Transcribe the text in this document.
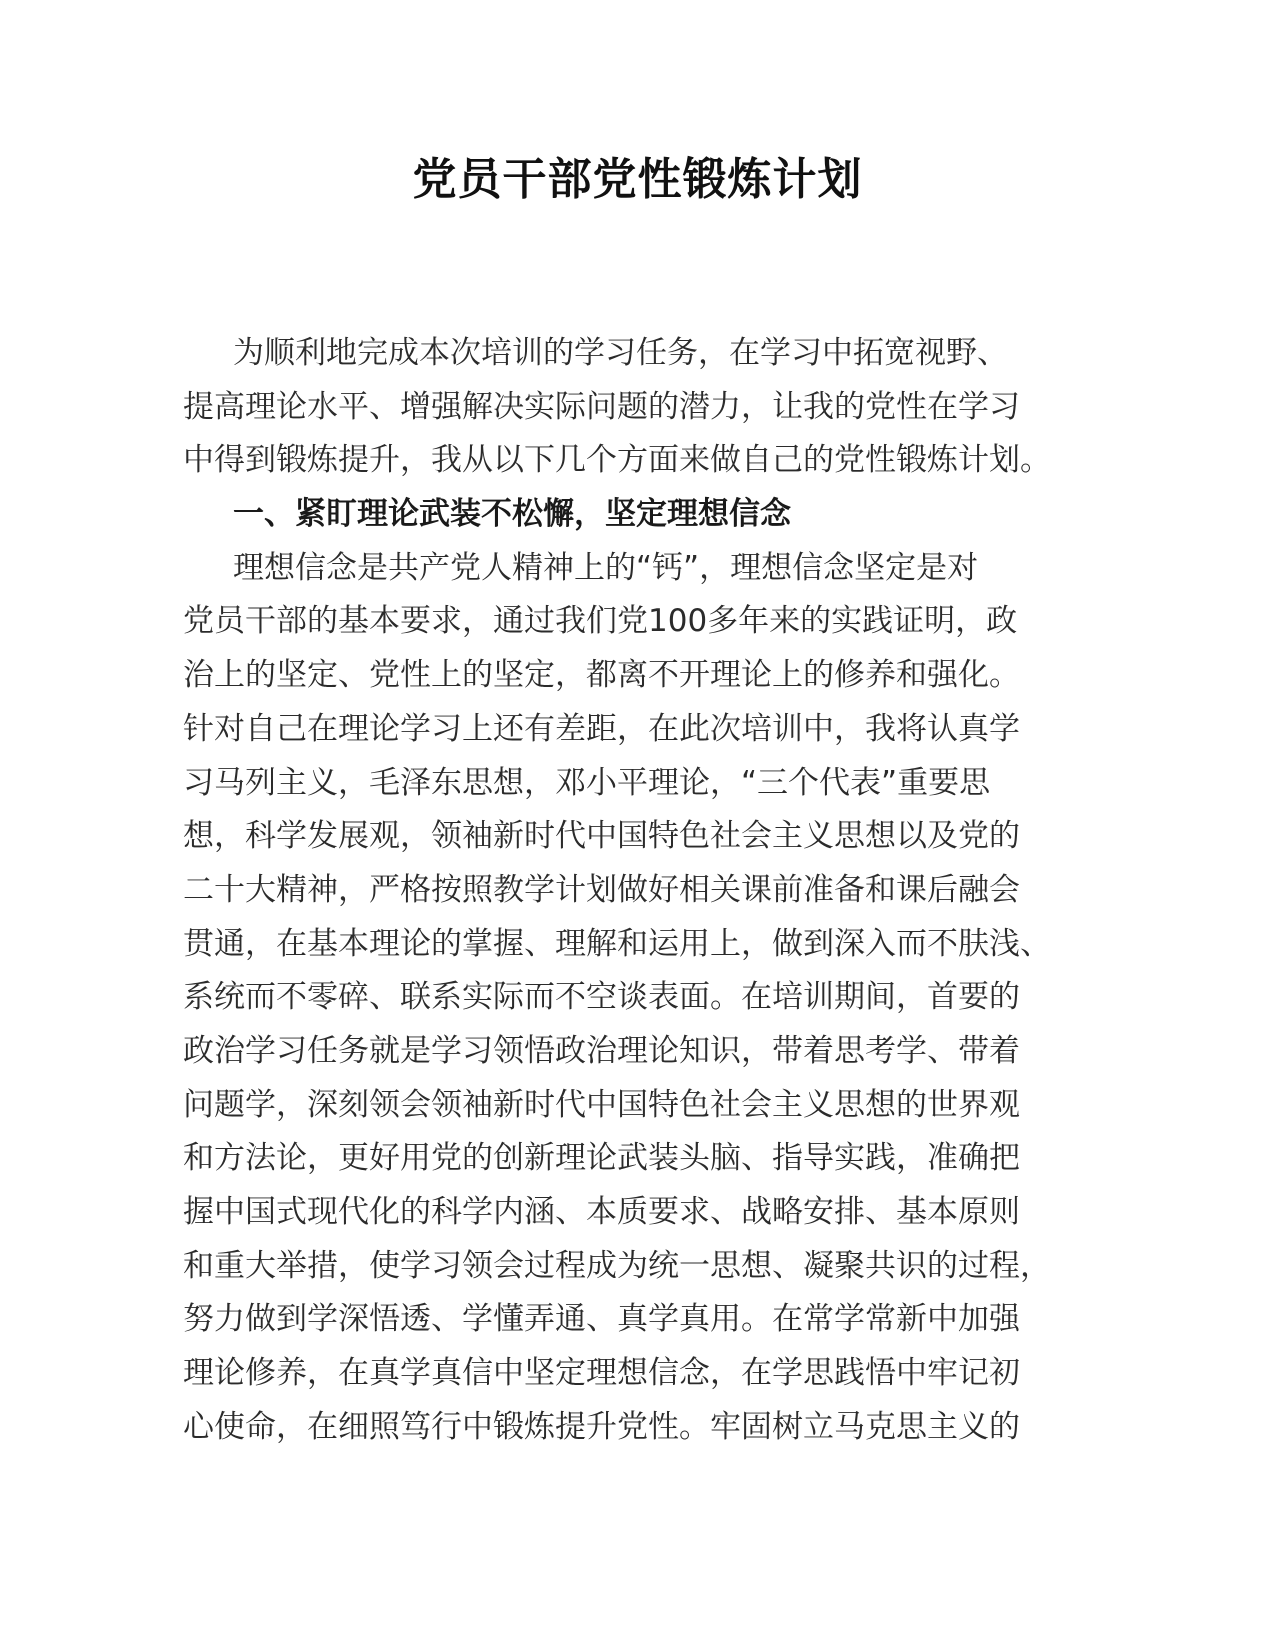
党员干部党性锻炼计划
为顺利地完成本次培训的学习任务，在学习中拓宽视野、
提高理论水平、增强解决实际问题的潜力，让我的党性在学习
中得到锻炼提升，我从以下几个方面来做自己的党性锻炼计划。
一、紧盯理论武装不松懈，坚定理想信念
理想信念是共产党人精神上的“钙”，理想信念坚定是对
党员干部的基本要求，通过我们党100多年来的实践证明，政
治上的坚定、党性上的坚定，都离不开理论上的修养和强化。
针对自己在理论学习上还有差距，在此次培训中，我将认真学
习马列主义，毛泽东思想，邓小平理论，“三个代表”重要思
想，科学发展观，领袖新时代中国特色社会主义思想以及党的
二十大精神，严格按照教学计划做好相关课前准备和课后融会
贯通，在基本理论的掌握、理解和运用上，做到深入而不肤浅、
系统而不零碎、联系实际而不空谈表面。在培训期间，首要的
政治学习任务就是学习领悟政治理论知识，带着思考学、带着
问题学，深刻领会领袖新时代中国特色社会主义思想的世界观
和方法论，更好用党的创新理论武装头脑、指导实践，准确把
握中国式现代化的科学内涵、本质要求、战略安排、基本原则
和重大举措，使学习领会过程成为统一思想、凝聚共识的过程，
努力做到学深悟透、学懂弄通、真学真用。在常学常新中加强
理论修养，在真学真信中坚定理想信念，在学思践悟中牢记初
心使命，在细照笃行中锻炼提升党性。牢固树立马克思主义的
